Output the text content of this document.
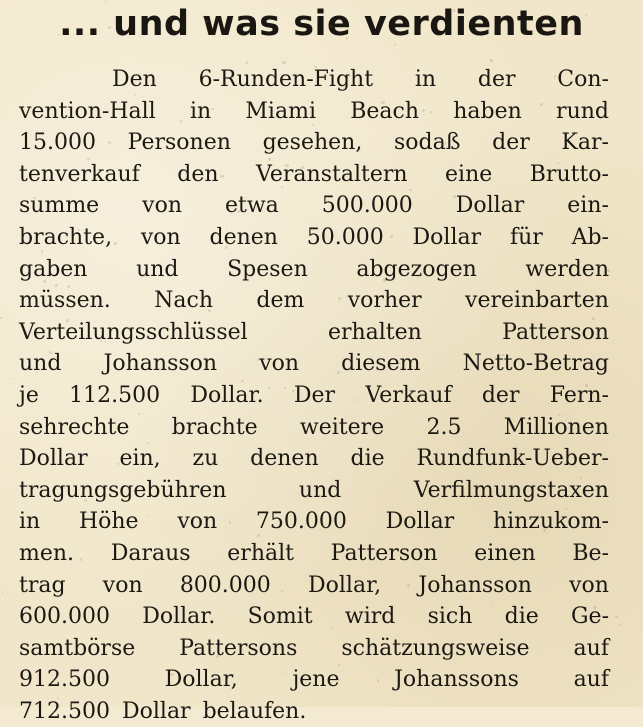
... und was sie verdienten
Den 6-Runden-Fight in der Con-
vention-Hall in Miami Beach haben rund
15.000 Personen gesehen, sodaß der Kar-
tenverkauf den Veranstaltern eine Brutto-
summe von etwa 500.000 Dollar ein-
brachte, von denen 50.000 Dollar für Ab-
gaben und Spesen abgezogen werden
müssen. Nach dem vorher vereinbarten
Verteilungsschlüssel	erhalten	Patterson
und Johansson von diesem Netto-Betrag
je 112.500 Dollar. Der Verkauf der Fern-
sehrechte brachte weitere 2.5 Millionen
Dollar ein, zu denen die Rundfunk-Ueber-
tragungsgebühren	und	Verfilmungstaxen
in Höhe von 750.000 Dollar hinzukom-
men. Daraus erhält Patterson einen Be-
trag von 800.000 Dollar, Johansson von
600.000 Dollar. Somit wird sich die Ge-
samtbörse Pattersons schätzungsweise auf
912.500 Dollar, jene Johanssons auf
712.500 Dollar belaufen.
